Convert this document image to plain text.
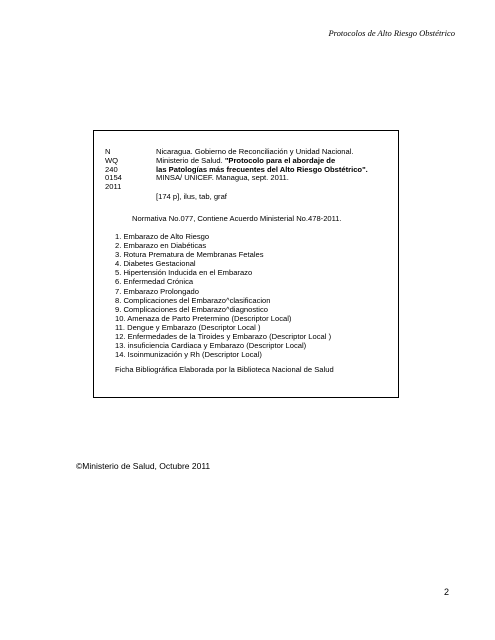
Protocolos de Alto Riesgo Obstétrico
N
WQ
240
0154
2011
Nicaragua. Gobierno de Reconciliación y Unidad Nacional.
Ministerio de Salud. "Protocolo para el abordaje de
las Patologías más frecuentes del Alto Riesgo Obstétrico".
MINSA/ UNICEF. Managua, sept. 2011.
[174 p], ilus, tab, graf
Normativa No.077, Contiene Acuerdo Ministerial No.478-2011.
1. Embarazo de Alto Riesgo
2. Embarazo en Diabéticas
3. Rotura Prematura de Membranas Fetales
4. Diabetes Gestacional
5. Hipertensión Inducida en el Embarazo
6. Enfermedad Crónica
7. Embarazo Prolongado
8. Complicaciones del Embarazo^clasificacion
9. Complicaciones del Embarazo^diagnostico
10. Amenaza de Parto Pretermino (Descriptor Local)
11. Dengue y Embarazo (Descriptor Local )
12. Enfermedades de la Tiroides y Embarazo (Descriptor Local )
13. insuficiencia Cardiaca y Embarazo (Descriptor Local)
14. Isoinmunización y Rh (Descriptor Local)
Ficha Bibliográfica Elaborada por la Biblioteca Nacional de Salud
©Ministerio de Salud, Octubre 2011
2
